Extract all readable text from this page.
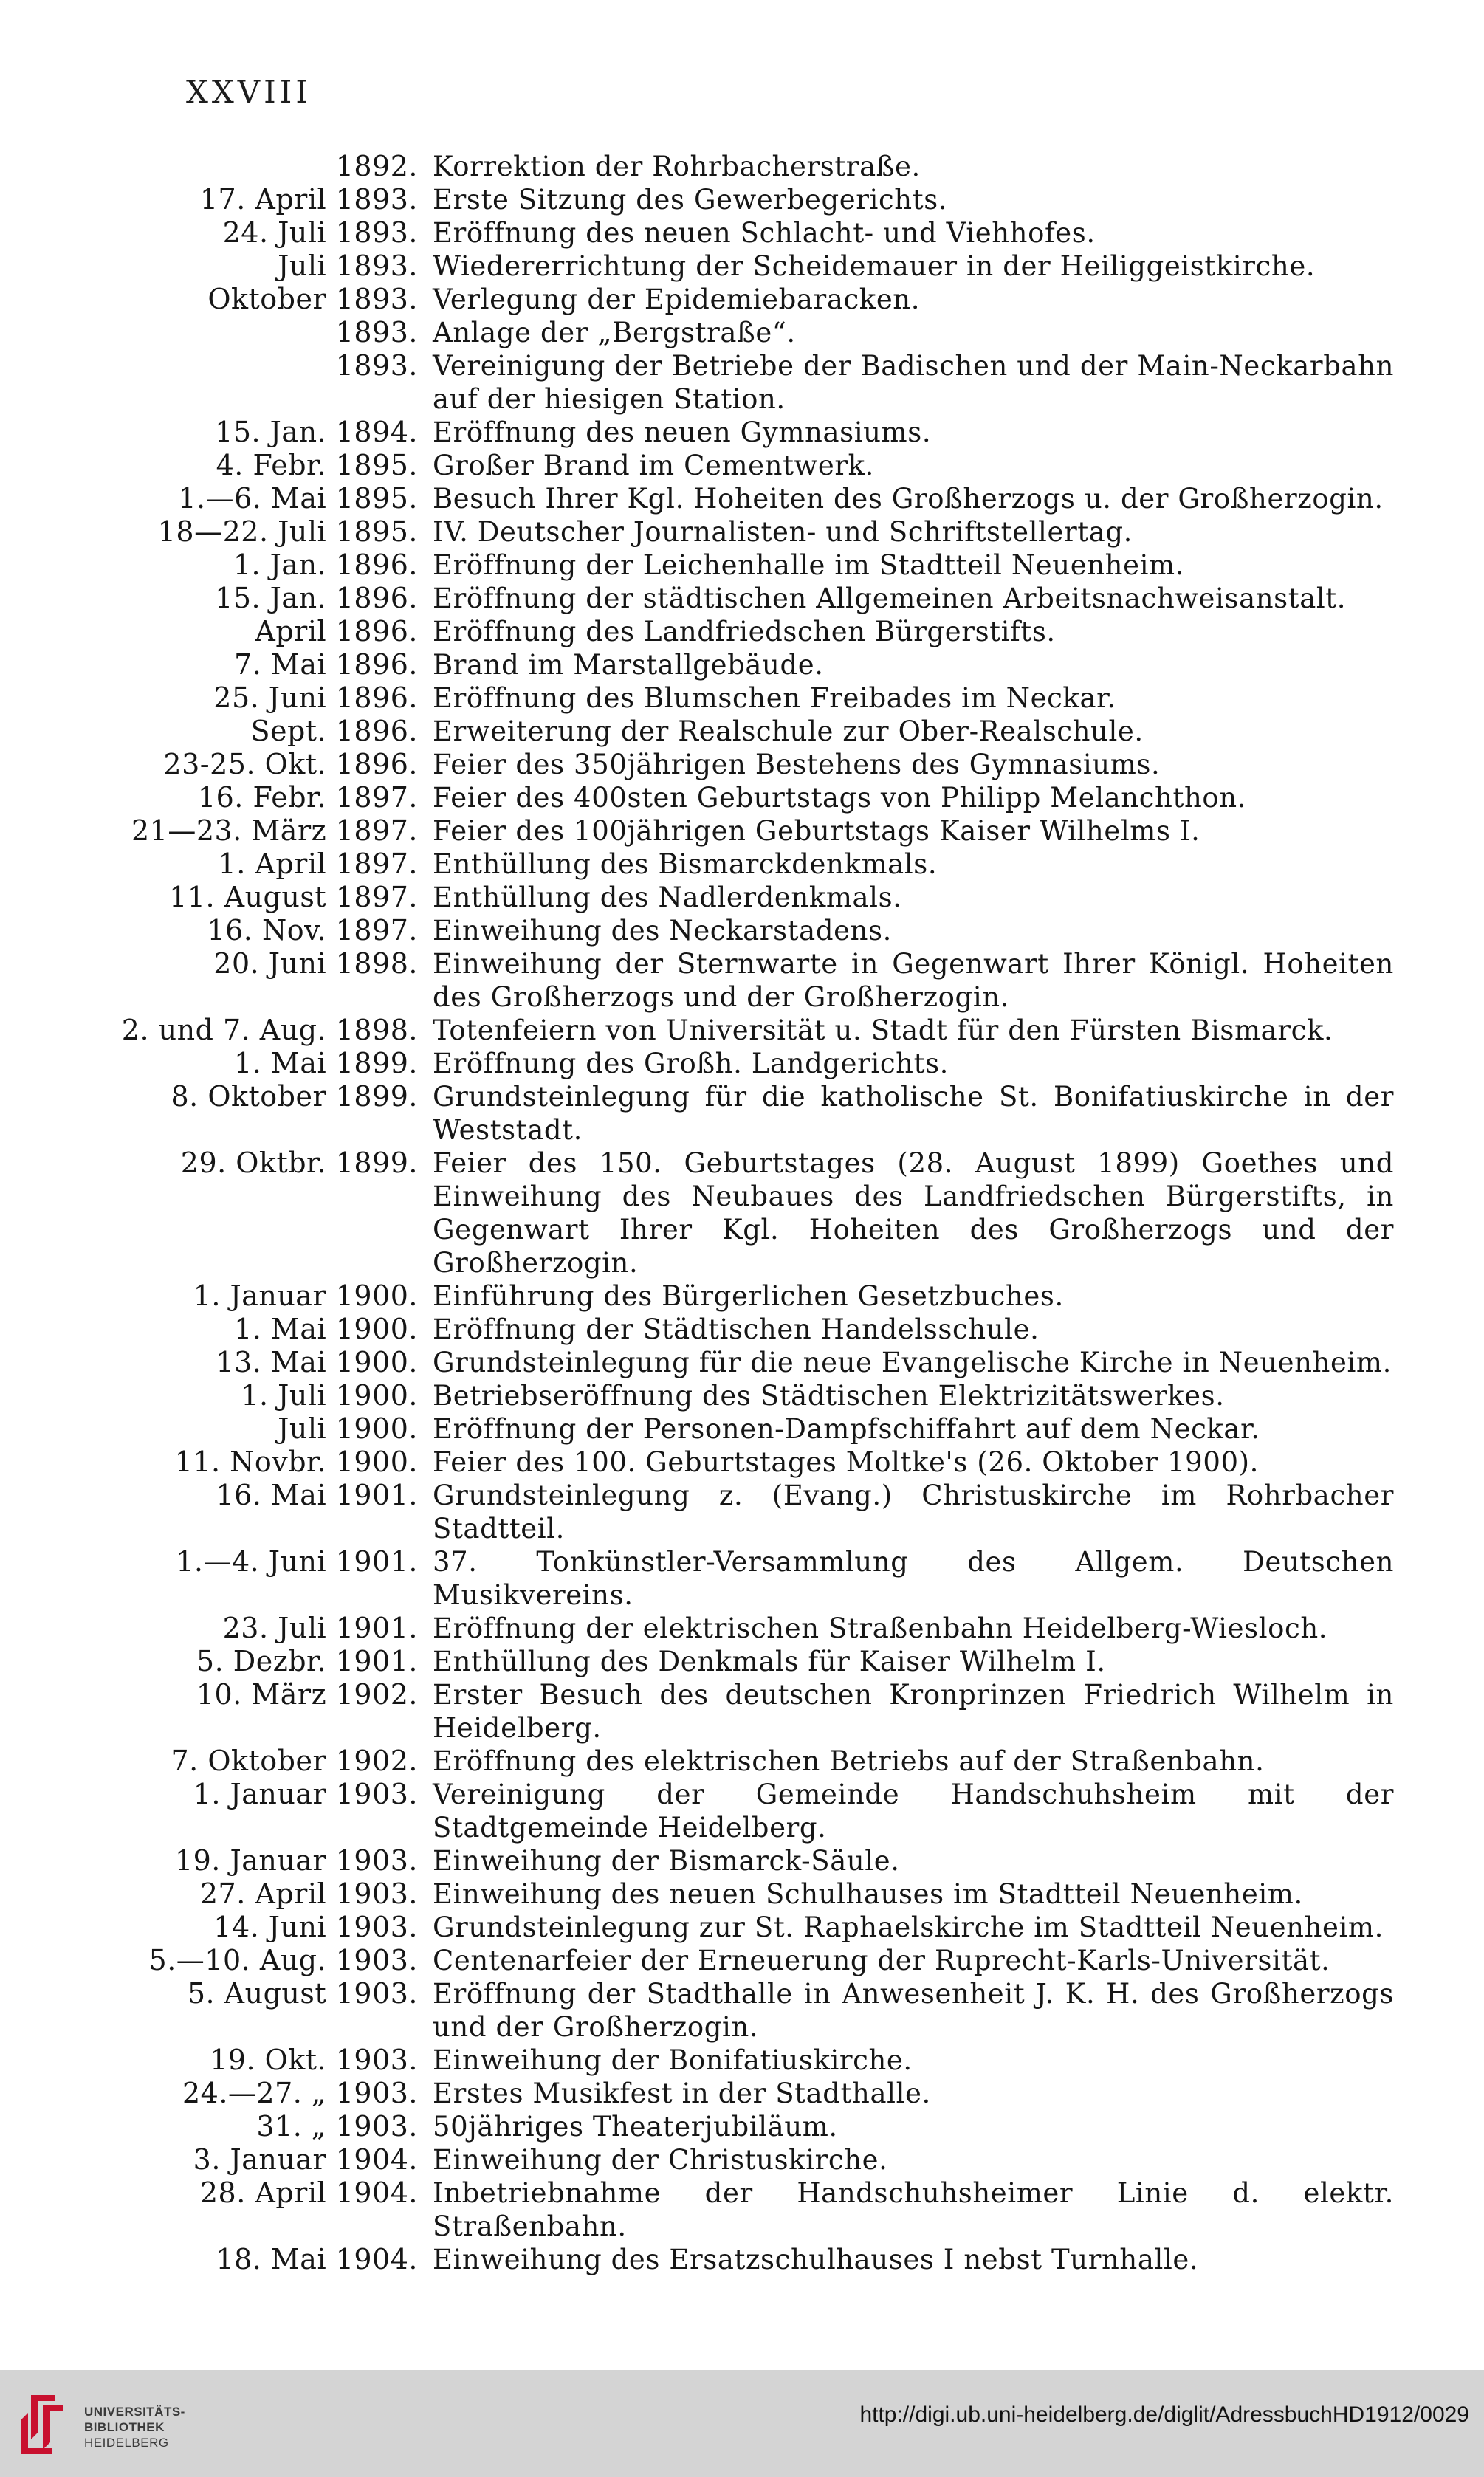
XXVIII
1892. Korrektion der Rohrbacherstraße.
17. April 1893. Erste Sitzung des Gewerbegerichts.
24. Juli 1893. Eröffnung des neuen Schlacht- und Viehhofes.
Juli 1893. Wiedererrichtung der Scheidemauer in der Heiliggeistkirche.
Oktober 1893. Verlegung der Epidemiebaracken.
1893. Anlage der „Bergstraße“.
1893. Vereinigung der Betriebe der Badischen und der Main-Neckarbahn auf der hiesigen Station.
15. Jan. 1894. Eröffnung des neuen Gymnasiums.
4. Febr. 1895. Großer Brand im Cementwerk.
1.—6. Mai 1895. Besuch Ihrer Kgl. Hoheiten des Großherzogs u. der Großherzogin.
18—22. Juli 1895. IV. Deutscher Journalisten- und Schriftstellertag.
1. Jan. 1896. Eröffnung der Leichenhalle im Stadtteil Neuenheim.
15. Jan. 1896. Eröffnung der städtischen Allgemeinen Arbeitsnachweisanstalt.
April 1896. Eröffnung des Landfriedschen Bürgerstifts.
7. Mai 1896. Brand im Marstallgebäude.
25. Juni 1896. Eröffnung des Blumschen Freibades im Neckar.
Sept. 1896. Erweiterung der Realschule zur Ober-Realschule.
23-25. Okt. 1896. Feier des 350jährigen Bestehens des Gymnasiums.
16. Febr. 1897. Feier des 400sten Geburtstags von Philipp Melanchthon.
21—23. März 1897. Feier des 100jährigen Geburtstags Kaiser Wilhelms I.
1. April 1897. Enthüllung des Bismarckdenkmals.
11. August 1897. Enthüllung des Nadlerdenkmals.
16. Nov. 1897. Einweihung des Neckarstadens.
20. Juni 1898. Einweihung der Sternwarte in Gegenwart Ihrer Königl. Hoheiten des Großherzogs und der Großherzogin.
2. und 7. Aug. 1898. Totenfeiern von Universität u. Stadt für den Fürsten Bismarck.
1. Mai 1899. Eröffnung des Großh. Landgerichts.
8. Oktober 1899. Grundsteinlegung für die katholische St. Bonifatiuskirche in der Weststadt.
29. Oktbr. 1899. Feier des 150. Geburtstages (28. August 1899) Goethes und Einweihung des Neubaues des Landfriedschen Bürgerstifts, in Gegenwart Ihrer Kgl. Hoheiten des Großherzogs und der Großherzogin.
1. Januar 1900. Einführung des Bürgerlichen Gesetzbuches.
1. Mai 1900. Eröffnung der Städtischen Handelsschule.
13. Mai 1900. Grundsteinlegung für die neue Evangelische Kirche in Neuenheim.
1. Juli 1900. Betriebseröffnung des Städtischen Elektrizitätswerkes.
Juli 1900. Eröffnung der Personen-Dampfschiffahrt auf dem Neckar.
11. Novbr. 1900. Feier des 100. Geburtstages Moltke's (26. Oktober 1900).
16. Mai 1901. Grundsteinlegung z. (Evang.) Christuskirche im Rohrbacher Stadtteil.
1.—4. Juni 1901. 37. Tonkünstler-Versammlung des Allgem. Deutschen Musikvereins.
23. Juli 1901. Eröffnung der elektrischen Straßenbahn Heidelberg-Wiesloch.
5. Dezbr. 1901. Enthüllung des Denkmals für Kaiser Wilhelm I.
10. März 1902. Erster Besuch des deutschen Kronprinzen Friedrich Wilhelm in Heidelberg.
7. Oktober 1902. Eröffnung des elektrischen Betriebs auf der Straßenbahn.
1. Januar 1903. Vereinigung der Gemeinde Handschuhsheim mit der Stadtgemeinde Heidelberg.
19. Januar 1903. Einweihung der Bismarck-Säule.
27. April 1903. Einweihung des neuen Schulhauses im Stadtteil Neuenheim.
14. Juni 1903. Grundsteinlegung zur St. Raphaelskirche im Stadtteil Neuenheim.
5.—10. Aug. 1903. Centenarfeier der Erneuerung der Ruprecht-Karls-Universität.
5. August 1903. Eröffnung der Stadthalle in Anwesenheit J. K. H. des Großherzogs und der Großherzogin.
19. Okt. 1903. Einweihung der Bonifatiuskirche.
24.—27. „ 1903. Erstes Musikfest in der Stadthalle.
31. „ 1903. 50jähriges Theaterjubiläum.
3. Januar 1904. Einweihung der Christuskirche.
28. April 1904. Inbetriebnahme der Handschuhsheimer Linie d. elektr. Straßenbahn.
18. Mai 1904. Einweihung des Ersatzschulhauses I nebst Turnhalle.
UNIVERSITÄTS-
BIBLIOTHEK
HEIDELBERG
http://digi.ub.uni-heidelberg.de/diglit/AdressbuchHD1912/0029
